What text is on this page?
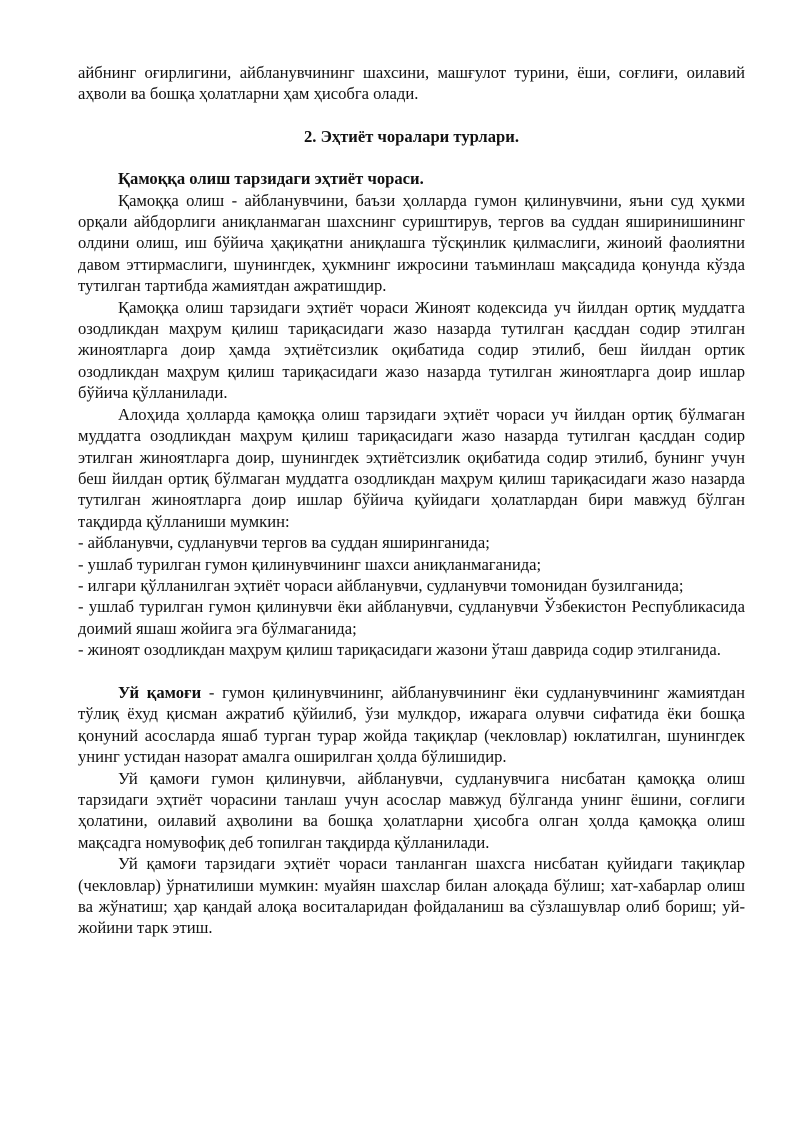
айбнинг оғирлигини, айбланувчининг шахсини, машғулот турини, ёши, соғлиғи, оилавий аҳволи ва бошқа ҳолатларни ҳам ҳисобга олади.

2. Эҳтиёт чоралари турлари.

Қамоққа олиш тарзидаги эҳтиёт чораси.

Қамоққа олиш - айбланувчини, баъзи ҳолларда гумон қилинувчини, яъни суд ҳукми орқали айбдорлиги аниқланмаган шахснинг суриштирув, тергов ва суддан яширинишининг олдини олиш, иш бўйича ҳақиқатни аниқлашга тўсқинлик қилмаслиги, жиноий фаолиятни давом эттирмаслиги, шунингдек, ҳукмнинг ижросини таъминлаш мақсадида қонунда кўзда тутилган тартибда жамиятдан ажратишдир.

Қамоққа олиш тарзидаги эҳтиёт чораси Жиноят кодексида уч йилдан ортиқ муддатга озодликдан маҳрум қилиш тариқасидаги жазо назарда тутилган қасддан содир этилган жиноятларга доир ҳамда эҳтиётсизлик оқибатида содир этилиб, беш йилдан ортик озодликдан маҳрум қилиш тариқасидаги жазо назарда тутилган жиноятларга доир ишлар бўйича қўлланилади.

Алоҳида ҳолларда қамоққа олиш тарзидаги эҳтиёт чораси уч йилдан ортиқ бўлмаган муддатга озодликдан маҳрум қилиш тариқасидаги жазо назарда тутилган қасддан содир этилган жиноятларга доир, шунингдек эҳтиётсизлик оқибатида содир этилиб, бунинг учун беш йилдан ортиқ бўлмаган муддатга озодликдан маҳрум қилиш тариқасидаги жазо назарда тутилган жиноятларга доир ишлар бўйича қуйидаги ҳолатлардан бири мавжуд бўлган тақдирда қўлланиши мумкин:

- айбланувчи, судланувчи тергов ва суддан яширинганида;

- ушлаб турилган гумон қилинувчининг шахси аниқланмаганида;

- илгари қўлланилган эҳтиёт чораси айбланувчи, судланувчи томонидан бузилганида;

- ушлаб турилган гумон қилинувчи ёки айбланувчи, судланувчи Ўзбекистон Республикасида доимий яшаш жойига эга бўлмаганида;

- жиноят озодликдан маҳрум қилиш тариқасидаги жазони ўташ даврида содир этилганида.

Уй қамоғи - гумон қилинувчининг, айбланувчининг ёки судланувчининг жамиятдан тўлиқ ёхуд қисман ажратиб қўйилиб, ўзи мулкдор, ижарага олувчи сифатида ёки бошқа қонуний асосларда яшаб турган турар жойда тақиқлар (чекловлар) юклатилган, шунингдек унинг устидан назорат амалга оширилган ҳолда бўлишидир.

Уй қамоғи гумон қилинувчи, айбланувчи, судланувчига нисбатан қамоққа олиш тарзидаги эҳтиёт чорасини танлаш учун асослар мавжуд бўлганда унинг ёшини, соғлиги ҳолатини, оилавий аҳволини ва бошқа ҳолатларни ҳисобга олган ҳолда қамоққа олиш мақсадга номувофиқ деб топилган тақдирда қўлланилади.

Уй қамоғи тарзидаги эҳтиёт чораси танланган шахсга нисбатан қуйидаги тақиқлар (чекловлар) ўрнатилиши мумкин: муайян шахслар билан алоқада бўлиш; хат-хабарлар олиш ва жўнатиш; ҳар қандай алоқа воситаларидан фойдаланиш ва сўзлашувлар олиб бориш; уй-жойини тарк этиш.
